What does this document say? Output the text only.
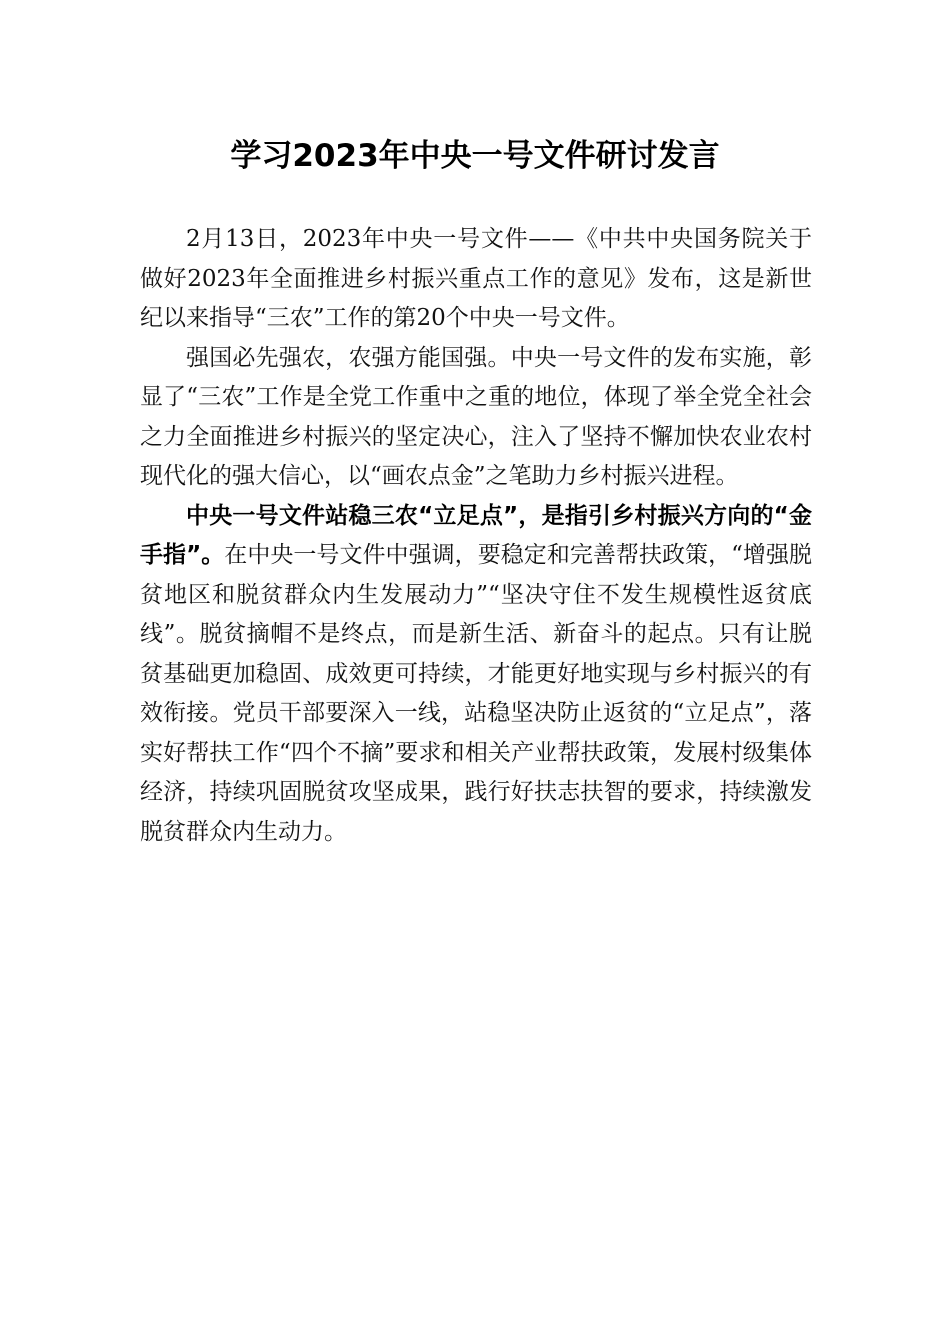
学习2023年中央一号文件研讨发言

2月13日，2023年中央一号文件——《中共中央国务院关于做好2023年全面推进乡村振兴重点工作的意见》发布，这是新世纪以来指导“三农”工作的第20个中央一号文件。

强国必先强农，农强方能国强。中央一号文件的发布实施，彰显了“三农”工作是全党工作重中之重的地位，体现了举全党全社会之力全面推进乡村振兴的坚定决心，注入了坚持不懈加快农业农村现代化的强大信心，以“画农点金”之笔助力乡村振兴进程。

中央一号文件站稳三农“立足点”，是指引乡村振兴方向的“金手指”。在中央一号文件中强调，要稳定和完善帮扶政策，“增强脱贫地区和脱贫群众内生发展动力”“坚决守住不发生规模性返贫底线”。脱贫摘帽不是终点，而是新生活、新奋斗的起点。只有让脱贫基础更加稳固、成效更可持续，才能更好地实现与乡村振兴的有效衔接。党员干部要深入一线，站稳坚决防止返贫的“立足点”，落实好帮扶工作“四个不摘”要求和相关产业帮扶政策，发展村级集体经济，持续巩固脱贫攻坚成果，践行好扶志扶智的要求，持续激发脱贫群众内生动力。
